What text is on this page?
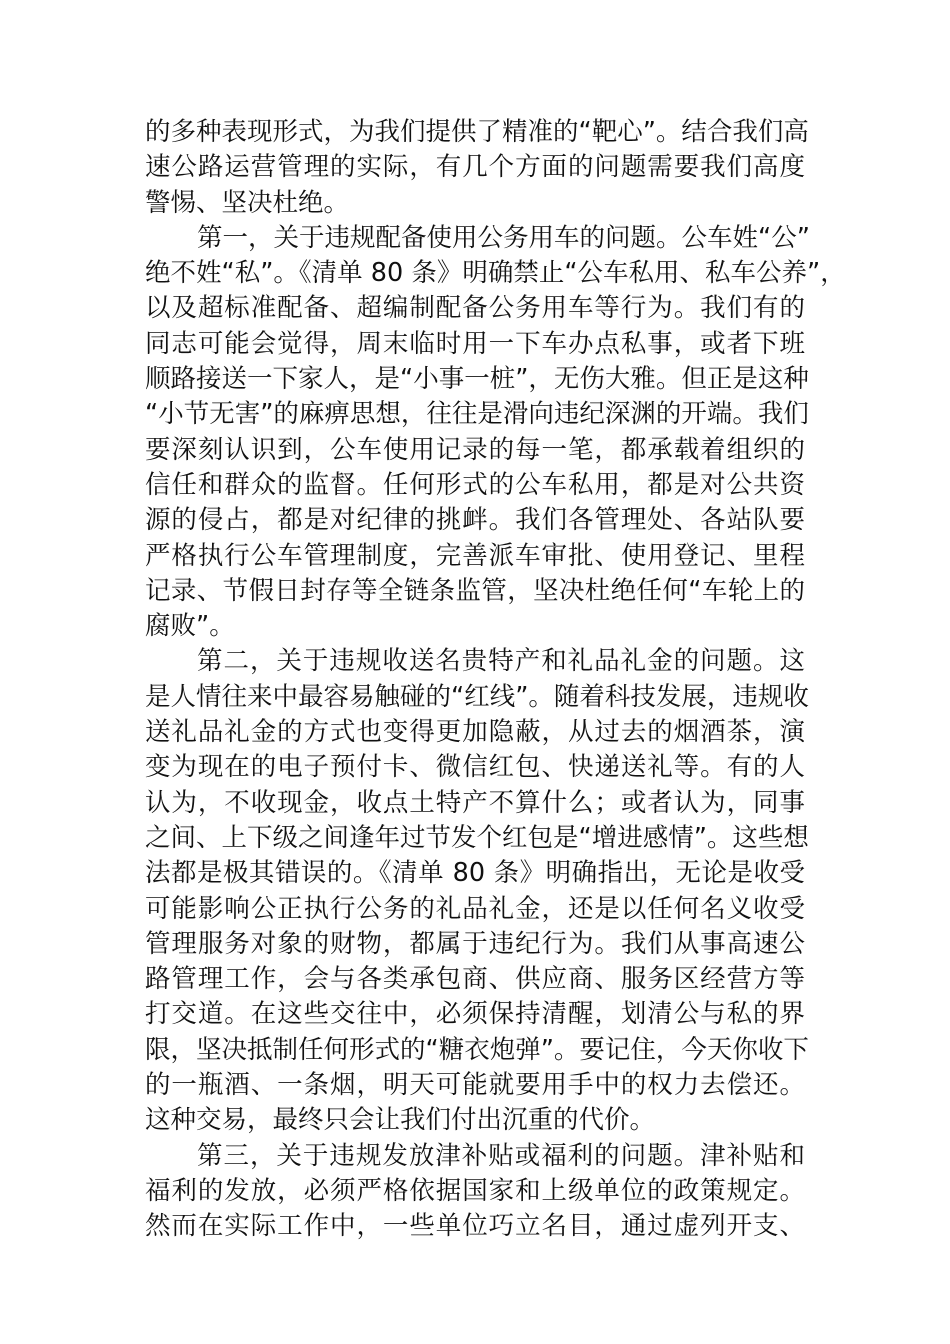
的多种表现形式，为我们提供了精准的“靶心”。结合我们高
速公路运营管理的实际，有几个方面的问题需要我们高度
警惕、坚决杜绝。
第一，关于违规配备使用公务用车的问题。公车姓“公”
绝不姓“私”。《清单 80 条》明确禁止“公车私用、私车公养”，
以及超标准配备、超编制配备公务用车等行为。我们有的
同志可能会觉得，周末临时用一下车办点私事，或者下班
顺路接送一下家人，是“小事一桩”，无伤大雅。但正是这种
“小节无害”的麻痹思想，往往是滑向违纪深渊的开端。我们
要深刻认识到，公车使用记录的每一笔，都承载着组织的
信任和群众的监督。任何形式的公车私用，都是对公共资
源的侵占，都是对纪律的挑衅。我们各管理处、各站队要
严格执行公车管理制度，完善派车审批、使用登记、里程
记录、节假日封存等全链条监管，坚决杜绝任何“车轮上的
腐败”。
第二，关于违规收送名贵特产和礼品礼金的问题。这
是人情往来中最容易触碰的“红线”。随着科技发展，违规收
送礼品礼金的方式也变得更加隐蔽，从过去的烟酒茶，演
变为现在的电子预付卡、微信红包、快递送礼等。有的人
认为，不收现金，收点土特产不算什么；或者认为，同事
之间、上下级之间逢年过节发个红包是“增进感情”。这些想
法都是极其错误的。《清单 80 条》明确指出，无论是收受
可能影响公正执行公务的礼品礼金，还是以任何名义收受
管理服务对象的财物，都属于违纪行为。我们从事高速公
路管理工作，会与各类承包商、供应商、服务区经营方等
打交道。在这些交往中，必须保持清醒，划清公与私的界
限，坚决抵制任何形式的“糖衣炮弹”。要记住，今天你收下
的一瓶酒、一条烟，明天可能就要用手中的权力去偿还。
这种交易，最终只会让我们付出沉重的代价。
第三，关于违规发放津补贴或福利的问题。津补贴和
福利的发放，必须严格依据国家和上级单位的政策规定。
然而在实际工作中，一些单位巧立名目，通过虚列开支、
